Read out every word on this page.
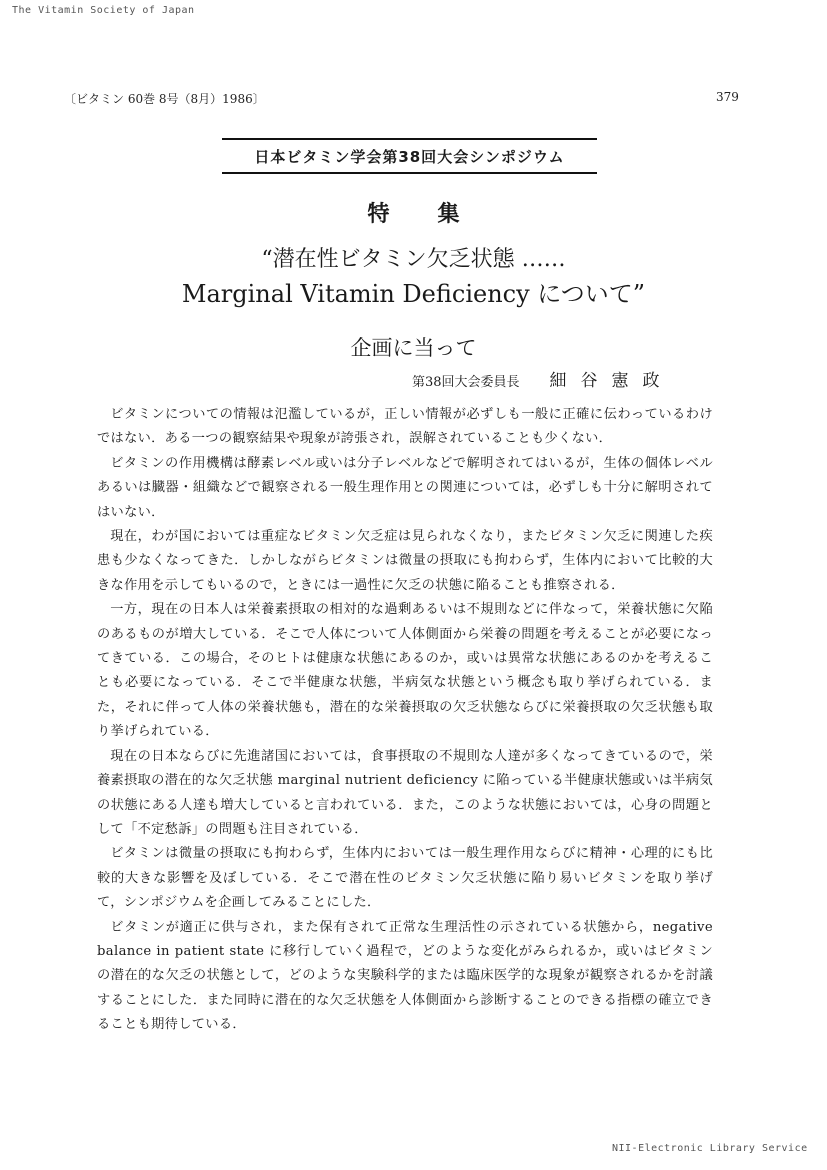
The Vitamin Society of Japan
〔ビタミン 60巻 8号（8月）1986〕	379
日本ビタミン学会第38回大会シンポジウム
特集
“潜在性ビタミン欠乏状態 ……
Marginal Vitamin Deficiency について”
企画に当って
第38回大会委員長 細谷憲政

ビタミンについての情報は氾濫しているが，正しい情報が必ずしも一般に正確に伝わっているわけではない．ある一つの観察結果や現象が誇張され，誤解されていることも少くない．

ビタミンの作用機構は酵素レベル或いは分子レベルなどで解明されてはいるが，生体の個体レベルあるいは臓器・組織などで観察される一般生理作用との関連については，必ずしも十分に解明されてはいない．

現在，わが国においては重症なビタミン欠乏症は見られなくなり，またビタミン欠乏に関連した疾患も少なくなってきた．しかしながらビタミンは微量の摂取にも拘わらず，生体内において比較的大きな作用を示してもいるので，ときには一過性に欠乏の状態に陥ることも推察される．

一方，現在の日本人は栄養素摂取の相対的な過剰あるいは不規則などに伴なって，栄養状態に欠陥のあるものが増大している．そこで人体について人体側面から栄養の問題を考えることが必要になってきている．この場合，そのヒトは健康な状態にあるのか，或いは異常な状態にあるのかを考えることも必要になっている．そこで半健康な状態，半病気な状態という概念も取り挙げられている．また，それに伴って人体の栄養状態も，潜在的な栄養摂取の欠乏状態ならびに栄養摂取の欠乏状態も取り挙げられている．

現在の日本ならびに先進諸国においては，食事摂取の不規則な人達が多くなってきているので，栄養素摂取の潜在的な欠乏状態 marginal nutrient deficiency に陥っている半健康状態或いは半病気の状態にある人達も増大していると言われている．また，このような状態においては，心身の問題として「不定愁訴」の問題も注目されている．

ビタミンは微量の摂取にも拘わらず，生体内においては一般生理作用ならびに精神・心理的にも比較的大きな影響を及ぼしている．そこで潜在性のビタミン欠乏状態に陥り易いビタミンを取り挙げて，シンポジウムを企画してみることにした．

ビタミンが適正に供与され，また保有されて正常な生理活性の示されている状態から，negative balance in patient state に移行していく過程で，どのような変化がみられるか，或いはビタミンの潜在的な欠乏の状態として，どのような実験科学的または臨床医学的な現象が観察されるかを討議することにした．また同時に潜在的な欠乏状態を人体側面から診断することのできる指標の確立できることも期待している．

NII-Electronic Library Service
